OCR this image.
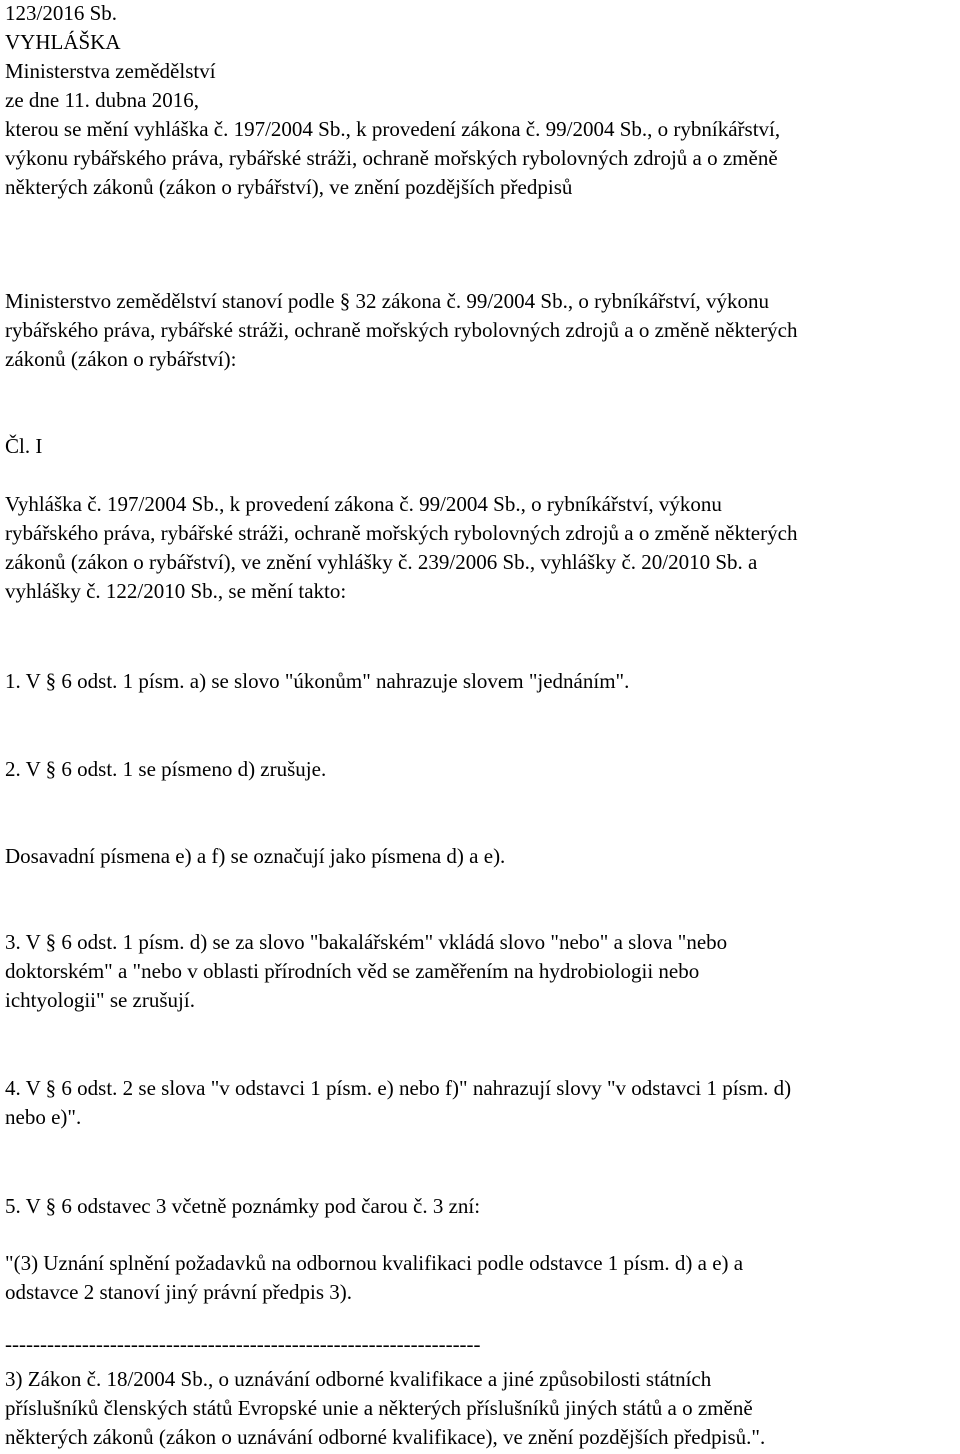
123/2016 Sb.
VYHLÁŠKA
Ministerstva zemědělství
ze dne 11. dubna 2016,
kterou se mění vyhláška č. 197/2004 Sb., k provedení zákona č. 99/2004 Sb., o rybníkářství,
výkonu rybářského práva, rybářské stráži, ochraně mořských rybolovných zdrojů a o změně
některých zákonů (zákon o rybářství), ve znění pozdějších předpisů
Ministerstvo zemědělství stanoví podle § 32 zákona č. 99/2004 Sb., o rybníkářství, výkonu
rybářského práva, rybářské stráži, ochraně mořských rybolovných zdrojů a o změně některých
zákonů (zákon o rybářství):
Čl. I
Vyhláška č. 197/2004 Sb., k provedení zákona č. 99/2004 Sb., o rybníkářství, výkonu
rybářského práva, rybářské stráži, ochraně mořských rybolovných zdrojů a o změně některých
zákonů (zákon o rybářství), ve znění vyhlášky č. 239/2006 Sb., vyhlášky č. 20/2010 Sb. a
vyhlášky č. 122/2010 Sb., se mění takto:
1. V § 6 odst. 1 písm. a) se slovo "úkonům" nahrazuje slovem "jednáním".
2. V § 6 odst. 1 se písmeno d) zrušuje.
Dosavadní písmena e) a f) se označují jako písmena d) a e).
3. V § 6 odst. 1 písm. d) se za slovo "bakalářském" vkládá slovo "nebo" a slova "nebo
doktorském" a "nebo v oblasti přírodních věd se zaměřením na hydrobiologii nebo
ichtyologii" se zrušují.
4. V § 6 odst. 2 se slova "v odstavci 1 písm. e) nebo f)" nahrazují slovy "v odstavci 1 písm. d)
nebo e)".
5. V § 6 odstavec 3 včetně poznámky pod čarou č. 3 zní:
"(3) Uznání splnění požadavků na odbornou kvalifikaci podle odstavce 1 písm. d) a e) a
odstavce 2 stanoví jiný právní předpis 3).
--------------------------------------------------------------------
3) Zákon č. 18/2004 Sb., o uznávání odborné kvalifikace a jiné způsobilosti státních
příslušníků členských států Evropské unie a některých příslušníků jiných států a o změně
některých zákonů (zákon o uznávání odborné kvalifikace), ve znění pozdějších předpisů.".
